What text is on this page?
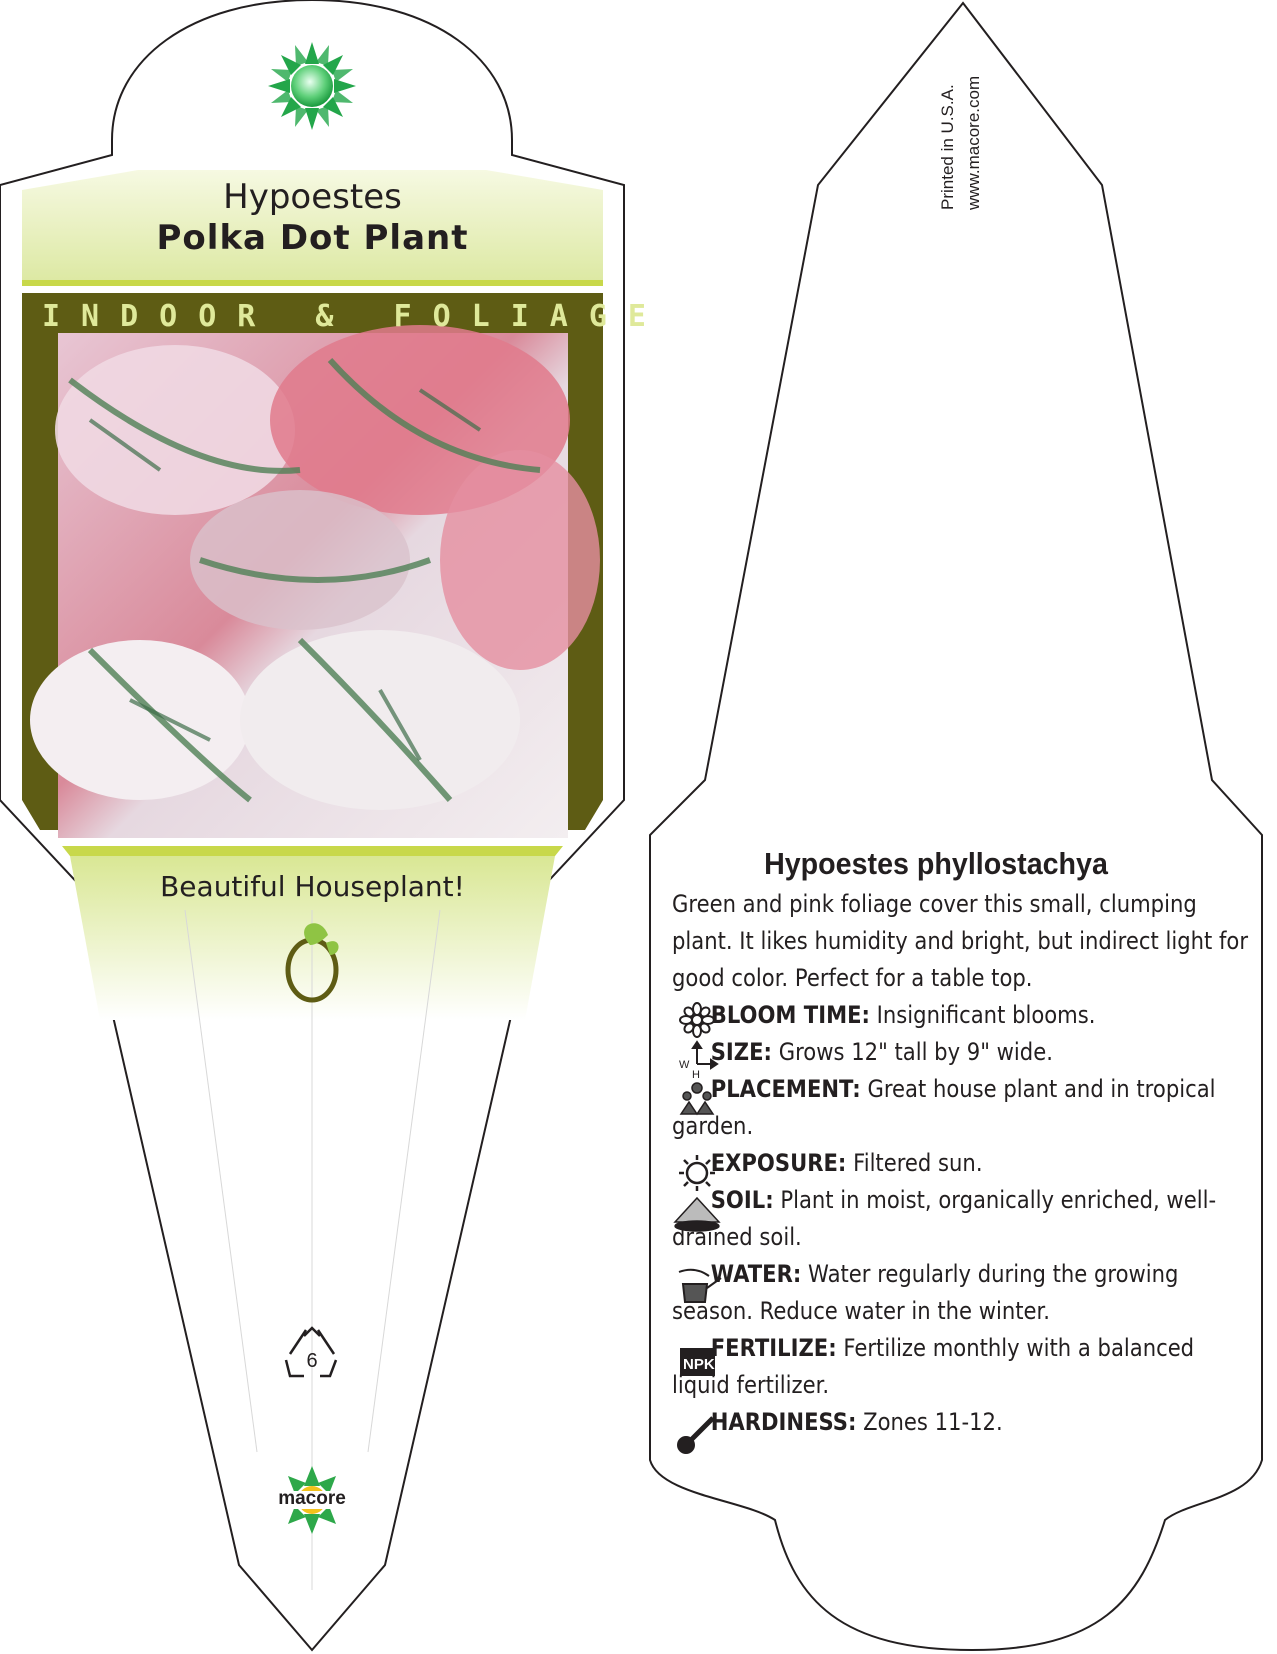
W
H
NPK
Hypoestes
Polka Dot Plant
INDOOR & FOLIAGE
Beautiful Houseplant!
6
macore
Printed in U.S.A. www.macore.com
Hypoestes phyllostachya
Green and pink foliage cover this small, clumping plant. It likes humidity and bright, but indirect light for good color. Perfect for a table top.
BLOOM TIME: Insignificant blooms.
SIZE: Grows 12" tall by 9" wide.
PLACEMENT: Great house plant and in tropical garden.
EXPOSURE: Filtered sun.
SOIL: Plant in moist, organically enriched, well-drained soil.
WATER: Water regularly during the growing season. Reduce water in the winter.
FERTILIZE: Fertilize monthly with a balanced liquid fertilizer.
HARDINESS: Zones 11-12.
